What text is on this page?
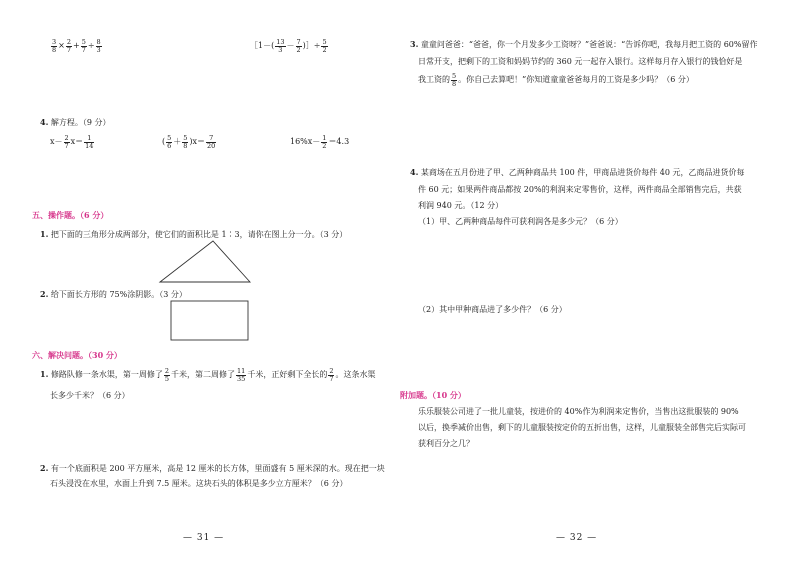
$\frac{3}{8} \times \frac{2}{7} + \frac{5}{7} \div \frac{8}{3}$	［1－( $\frac{13}{3} - \frac{7}{2}$ )］÷ $\frac{5}{2}$
4. 解方程。（9 分）
$x- \frac{2}{7} x= \frac{1}{14}$	( $\frac{5}{6} + \frac{5}{8} )x= \frac{7}{20}$	$16\%x- \frac{1}{2} =4.3$
五、操作题。（6 分）
1. 把下面的三角形分成两部分，使它们的面积比是 1∶3，请你在图上分一分。（3 分）
2. 给下面长方形的 75%涂阴影。（3 分）
六、解决问题。（30 分）
1. 修路队修一条水渠，第一周修了 $\frac{2}{5}$ 千米，第二周修了 $\frac{11}{35}$ 千米，正好剩下全长的 $\frac{2}{7}$ 。这条水渠
长多少千米？（6 分）
2. 有一个底面积是 200 平方厘米，高是 12 厘米的长方体，里面盛有 5 厘米深的水。现在把一块
石头浸没在水里，水面上升到 7.5 厘米。这块石头的体积是多少立方厘米？（6 分）
— 31 —
3. 童童问爸爸：“爸爸，你一个月发多少工资呀？”爸爸说：“告诉你吧，我每月把工资的 60%留作
日常开支，把剩下的工资和妈妈节约的 360 元一起存入银行。这样每月存入银行的钱恰好是
我工资的 $\frac{5}{8}$ 。你自己去算吧！”你知道童童爸爸每月的工资是多少吗？（6 分）
4. 某商场在五月份进了甲、乙两种商品共 100 件，甲商品进货价每件 40 元，乙商品进货价每
件 60 元；如果两件商品都按 20%的利润来定零售价，这样，两件商品全部销售完后，共获
利润 940 元。（12 分）
（1）甲、乙两种商品每件可获利润各是多少元？（6 分）
（2）其中甲种商品进了多少件？（6 分）
附加题。（10 分）
乐乐服装公司进了一批儿童装，按进价的 40%作为利润来定售价，当售出这批服装的 90%
以后，换季减价出售，剩下的儿童服装按定价的五折出售，这样，儿童服装全部售完后实际可
获利百分之几？
— 32 —
